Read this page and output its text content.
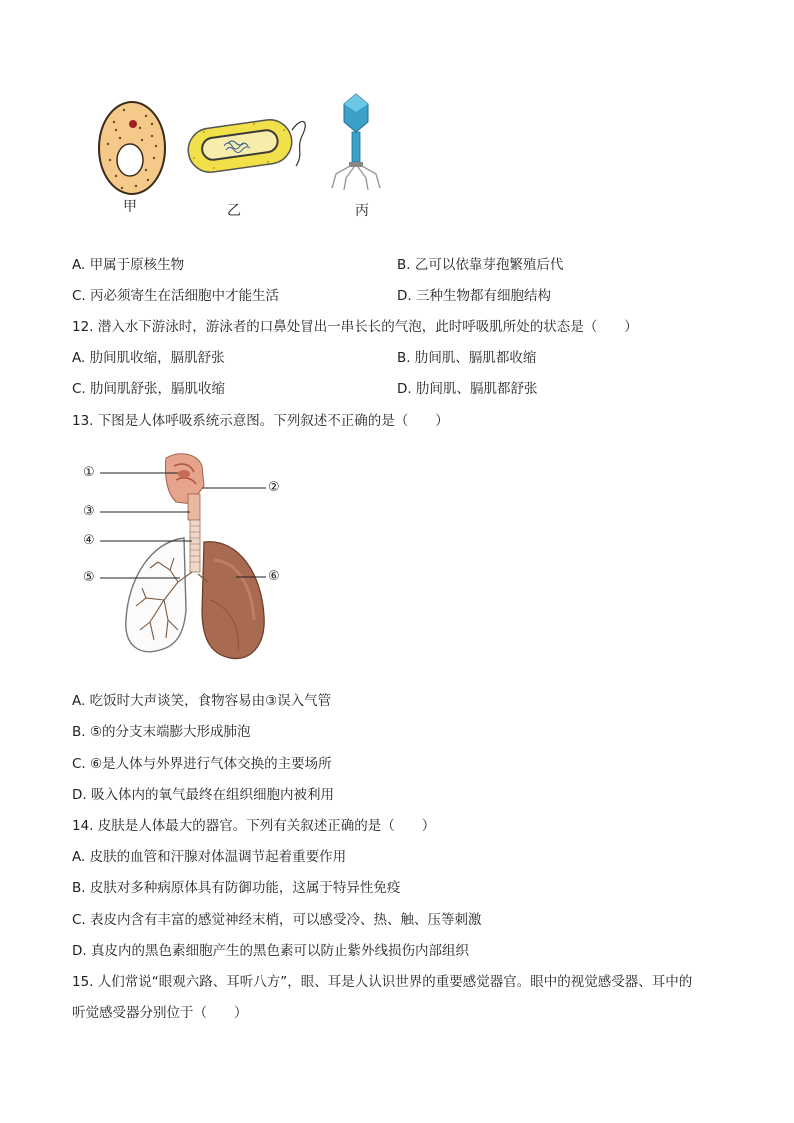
甲	乙	丙
A. 甲属于原核生物	B. 乙可以依靠芽孢繁殖后代
C. 丙必须寄生在活细胞中才能生活	D. 三种生物都有细胞结构
12. 潜入水下游泳时，游泳者的口鼻处冒出一串长长的气泡，此时呼吸肌所处的状态是（　　）
A. 肋间肌收缩，膈肌舒张	B. 肋间肌、膈肌都收缩
C. 肋间肌舒张，膈肌收缩	D. 肋间肌、膈肌都舒张
13. 下图是人体呼吸系统示意图。下列叙述不正确的是（　　）
①
②
③
④
⑤	⑥
A. 吃饭时大声谈笑，食物容易由③误入气管
B. ⑤的分支末端膨大形成肺泡
C. ⑥是人体与外界进行气体交换的主要场所
D. 吸入体内的氧气最终在组织细胞内被利用
14. 皮肤是人体最大的器官。下列有关叙述正确的是（　　）
A. 皮肤的血管和汗腺对体温调节起着重要作用
B. 皮肤对多种病原体具有防御功能，这属于特异性免疫
C. 表皮内含有丰富的感觉神经末梢，可以感受冷、热、触、压等刺激
D. 真皮内的黑色素细胞产生的黑色素可以防止紫外线损伤内部组织
15. 人们常说“眼观六路、耳听八方”，眼、耳是人认识世界的重要感觉器官。眼中的视觉感受器、耳中的
听觉感受器分别位于（　　）
